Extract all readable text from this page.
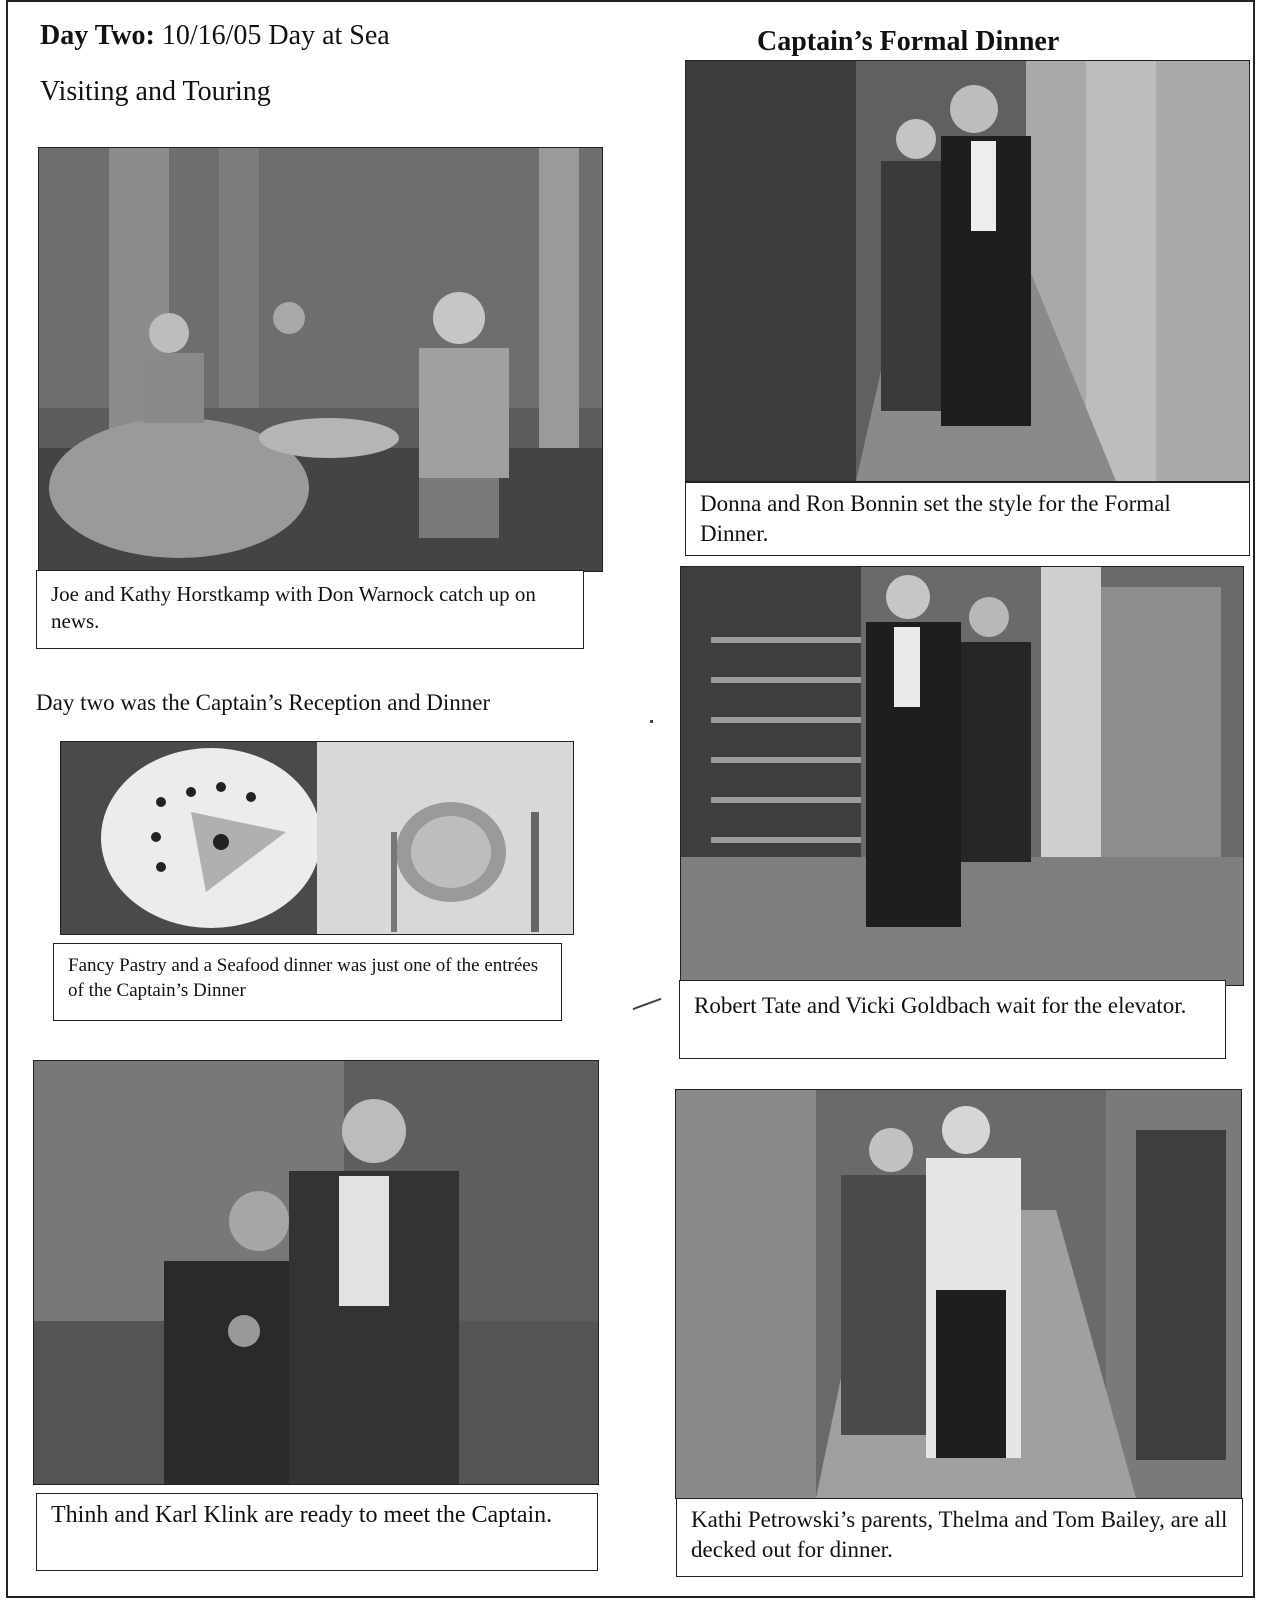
Day Two: 10/16/05 Day at Sea
Visiting and Touring
Captain’s Formal Dinner
Joe and Kathy Horstkamp with Don Warnock catch up on news.
Day two was the Captain’s Reception and Dinner
Fancy Pastry and a Seafood dinner was just one of the entrées of the Captain’s Dinner
Thinh and Karl Klink are ready to meet the Captain.
Donna and Ron Bonnin set the style for the Formal Dinner.
Robert Tate and Vicki Goldbach wait for the elevator.
Kathi Petrowski’s parents, Thelma and Tom Bailey, are all decked out for dinner.
